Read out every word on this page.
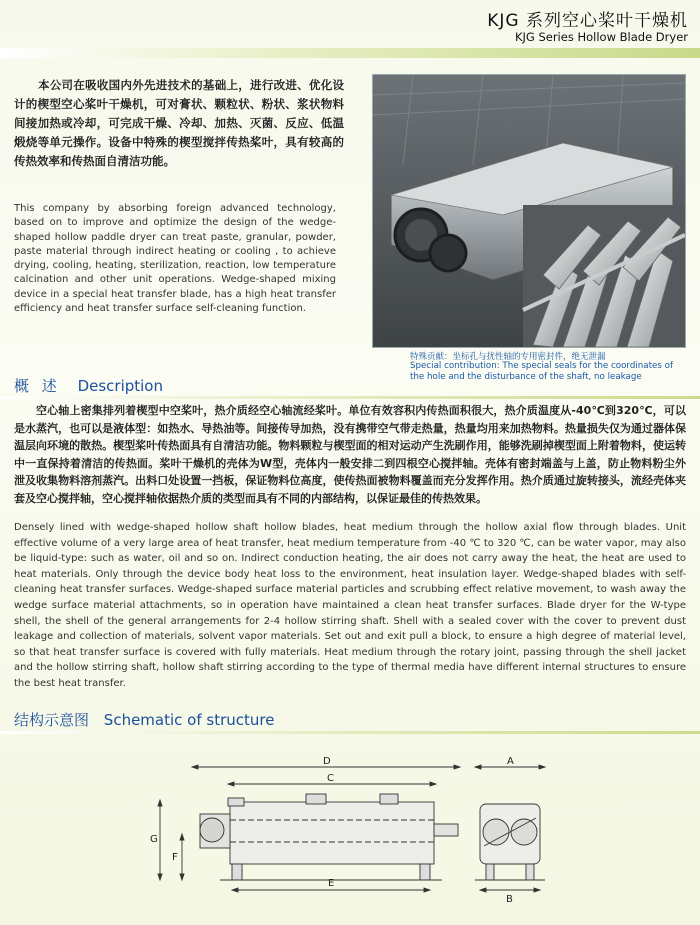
KJG 系列空心桨叶干燥机
KJG Series Hollow Blade Dryer
本公司在吸收国内外先进技术的基础上，进行改进、优化设计的楔型空心桨叶干燥机，可对膏状、颗粒状、粉状、浆状物料间接加热或冷却，可完成干燥、冷却、加热、灭菌、反应、低温煅烧等单元操作。设备中特殊的楔型搅拌传热桨叶，具有较高的传热效率和传热面自清洁功能。
This company by absorbing foreign advanced technology, based on to improve and optimize the design of the wedge-shaped hollow paddle dryer can treat paste, granular, powder, paste material through indirect heating or cooling , to achieve drying, cooling, heating, sterilization, reaction, low temperature calcination and other unit operations. Wedge-shaped mixing device in a special heat transfer blade, has a high heat transfer efficiency and heat transfer surface self-cleaning function.
特殊贡献：坐标孔与扰性轴的专用密封件，绝无泄漏
Special contribution: The special seals for the coordinates of the hole and the disturbance of the shaft, no leakage
概 述 Description
空心轴上密集排列着楔型中空桨叶，热介质经空心轴流经桨叶。单位有效容积内传热面积很大，热介质温度从-40℃到320℃，可以是水蒸汽，也可以是液体型：如热水、导热油等。间接传导加热，没有携带空气带走热量，热量均用来加热物料。热量损失仅为通过器体保温层向环境的散热。楔型桨叶传热面具有自清洁功能。物料颗粒与楔型面的相对运动产生洗刷作用，能够洗刷掉楔型面上附着物料，使运转中一直保持着清洁的传热面。桨叶干燥机的壳体为W型，壳体内一般安排二到四根空心搅拌轴。壳体有密封端盖与上盖，防止物料粉尘外泄及收集物料溶剂蒸汽。出料口处设置一挡板，保证物料位高度，使传热面被物料覆盖而充分发挥作用。热介质通过旋转接头，流经壳体夹套及空心搅拌轴，空心搅拌轴依据热介质的类型而具有不同的内部结构，以保证最佳的传热效果。
Densely lined with wedge-shaped hollow shaft hollow blades, heat medium through the hollow axial flow through blades. Unit effective volume of a very large area of heat transfer, heat medium temperature from -40 ℃ to 320 ℃, can be water vapor, may also be liquid-type: such as water, oil and so on. Indirect conduction heating, the air does not carry away the heat, the heat are used to heat materials. Only through the device body heat loss to the environment, heat insulation layer. Wedge-shaped blades with self-cleaning heat transfer surfaces. Wedge-shaped surface material particles and scrubbing effect relative movement, to wash away the wedge surface material attachments, so in operation have maintained a clean heat transfer surfaces. Blade dryer for the W-type shell, the shell of the general arrangements for 2-4 hollow stirring shaft. Shell with a sealed cover with the cover to prevent dust leakage and collection of materials, solvent vapor materials. Set out and exit pull a block, to ensure a high degree of material level, so that heat transfer surface is covered with fully materials. Heat medium through the rotary joint, passing through the shell jacket and the hollow stirring shaft, hollow shaft stirring according to the type of thermal media have different internal structures to ensure the best heat transfer.
结构示意图 Schematic of structure
D
C
A
G
F
E
B
